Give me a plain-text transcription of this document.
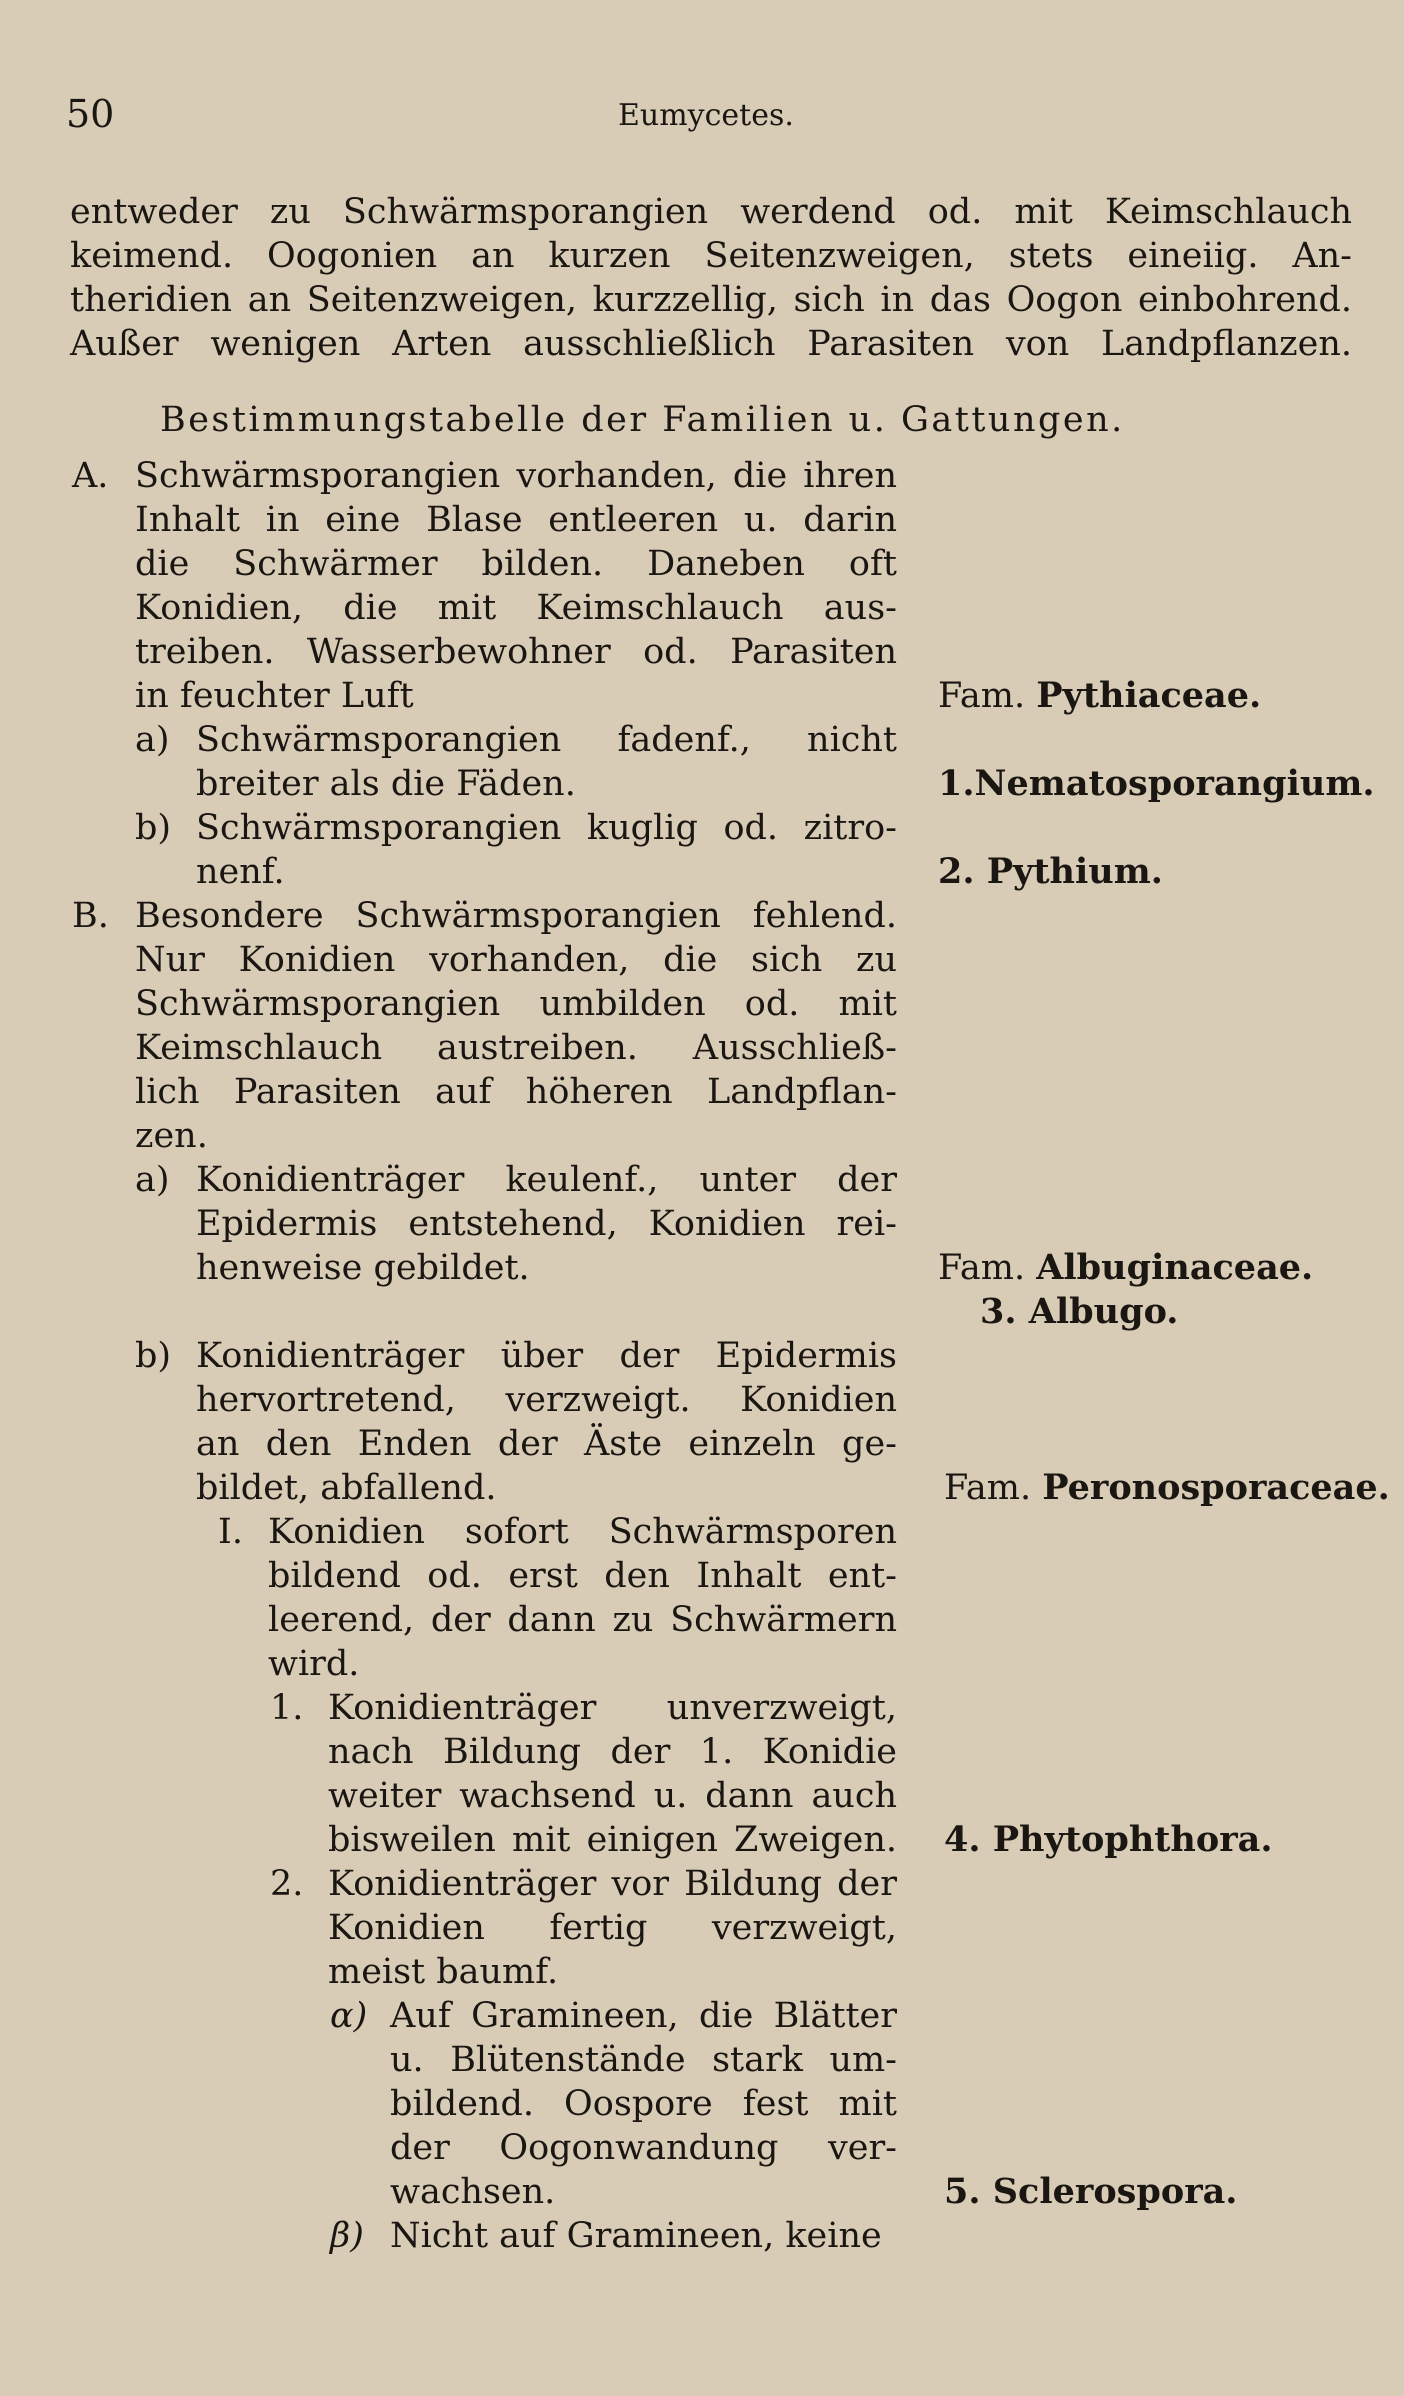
50	Eumycetes.
entweder zu Schwärmsporangien werdend od. mit Keimschlauch
keimend. Oogonien an kurzen Seitenzweigen, stets eineiig. An-
theridien an Seitenzweigen, kurzzellig, sich in das Oogon einbohrend.
Außer wenigen Arten ausschließlich Parasiten von Landpflanzen.
Bestimmungstabelle der Familien u. Gattungen.
A. Schwärmsporangien vorhanden, die ihren
Inhalt in eine Blase entleeren u. darin
die Schwärmer bilden. Daneben oft
Konidien, die mit Keimschlauch aus-
treiben. Wasserbewohner od. Parasiten
in feuchter Luft	Fam. Pythiaceae.
a) Schwärmsporangien fadenf., nicht
breiter als die Fäden.	1.Nematosporangium.
b) Schwärmsporangien kuglig od. zitro-
nenf.	2. Pythium.
B. Besondere Schwärmsporangien fehlend.
Nur Konidien vorhanden, die sich zu
Schwärmsporangien umbilden od. mit
Keimschlauch austreiben. Ausschließ-
lich Parasiten auf höheren Landpflan-
zen.
a) Konidienträger keulenf., unter der
Epidermis entstehend, Konidien rei-
henweise gebildet.	Fam. Albuginaceae.
3. Albugo.
b) Konidienträger über der Epidermis
hervortretend, verzweigt. Konidien
an den Enden der Äste einzeln ge-
bildet, abfallend.	Fam. Peronosporaceae.
I. Konidien sofort Schwärmsporen
bildend od. erst den Inhalt ent-
leerend, der dann zu Schwärmern
wird.
1. Konidienträger unverzweigt,
nach Bildung der 1. Konidie
weiter wachsend u. dann auch
bisweilen mit einigen Zweigen. 4. Phytophthora.
2. Konidienträger vor Bildung der
Konidien fertig verzweigt,
meist baumf.
α) Auf Gramineen, die Blätter
u. Blütenstände stark um-
bildend. Oospore fest mit
der Oogonwandung ver-
wachsen.	5. Sclerospora.
β) Nicht auf Gramineen, keine
